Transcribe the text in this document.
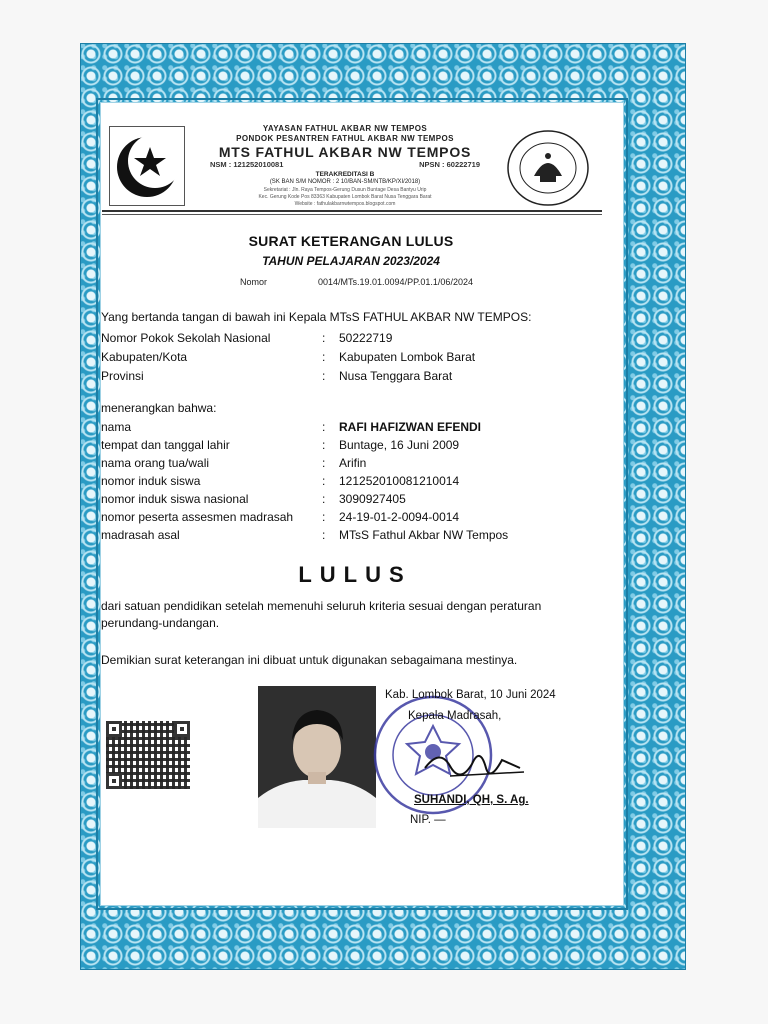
YAYASAN FATHUL AKBAR NW TEMPOS
PONDOK PESANTREN FATHUL AKBAR NW TEMPOS
MTS FATHUL AKBAR NW TEMPOS
NSM : 121252010081	NPSN : 60222719
TERAKREDITASI B
(SK BAN S/M NOMOR : 2 10/BAN-SM/NTB/KP/XI/2018)
Sekretariat : Jln. Raya Tempos-Gerung Dusun Buntage Desa Bantyu Urip
Kec. Gerung Kode Pos 83363 Kabupaten Lombok Barat Nusa Tenggara Barat
Website : fathulakbarnwtempos.blogspot.com
SURAT KETERANGAN LULUS
TAHUN PELAJARAN 2023/2024
Nomor	0014/MTs.19.01.0094/PP.01.1/06/2024
Yang bertanda tangan di bawah ini Kepala MTsS FATHUL AKBAR NW TEMPOS:
Nomor Pokok Sekolah Nasional	: 50222719
Kabupaten/Kota	: Kabupaten Lombok Barat
Provinsi	: Nusa Tenggara Barat
menerangkan bahwa:
nama	: RAFI HAFIZWAN EFENDI
tempat dan tanggal lahir	: Buntage, 16 Juni 2009
nama orang tua/wali	: Arifin
nomor induk siswa	: 121252010081210014
nomor induk siswa nasional	: 3090927405
nomor peserta assesmen madrasah : 24-19-01-2-0094-0014
madrasah asal	: MTsS Fathul Akbar NW Tempos
LULUS
dari satuan pendidikan setelah memenuhi seluruh kriteria sesuai dengan peraturan
perundang-undangan.
Demikian surat keterangan ini dibuat untuk digunakan sebagaimana mestinya.
Kab. Lombok Barat, 10 Juni 2024
Kepala Madrasah,
SUHANDI, QH, S. Ag.
NIP. —
